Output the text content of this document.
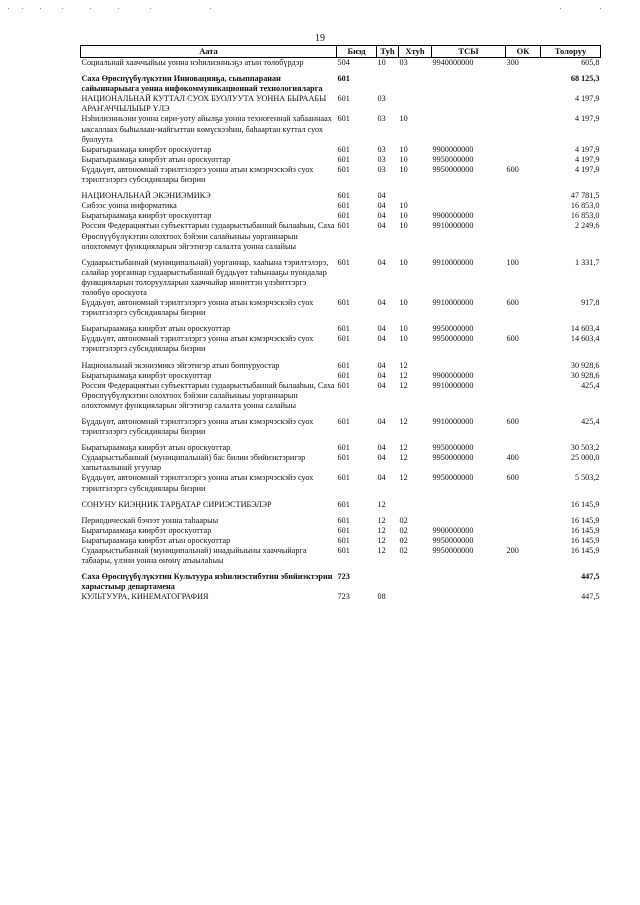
19
Аата	Биэд	Туh	Хтуh	ТСЫ	ОК	Толоруу
Социальнай хааччыйыы уонна нэһилиэнньэҕэ атын төлөбүрдэр	504	10	03	9940000000	300	605,8

Саха Өрөспүүбүлүкэтин Инновацияҕа, сыыппаранан сайыннарыыга уонна инфокоммуникационнай технологияларга	601					68 125,3
НАЦИОНАЛЬНАЙ КУТТАЛ СУОХ БУОЛУУТА УОННА БЫРААБЫ АРАҤАЧЧЫЛЫЫР ҮЛЭ	601	03				4 197,9
Нэһилиэнньэни уонна сири-уоту айылҕа уонна техногеннай хабааннаах ыксаллаах быһылаан-майгыттан көмүскээһин, баһаартан куттал суох буолуута	601	03	10			4 197,9
Бырагыраамаҕа киирбэт ороскуоттар	601	03	10	9900000000		4 197,9
Бырагыраамаҕа киирбэт атын ороскуоттар	601	03	10	9950000000		4 197,9
Бүддьүөт, автономнай тэрилтэлэргэ уонна атын кэмэрчэскэйэ суох тэрилтэлэргэ субсидиялары биэрии	601	03	10	9950000000	600	4 197,9

НАЦИОНАЛЬНАЙ ЭКЭНИЭМИКЭ	601	04				47 781,5
Сибээс уонна информатика	601	04	10			16 853,0
Бырагыраамаҕа киирбэт ороскуоттар	601	04	10	9900000000		16 853,0
Россия Федерациятын субъекттарын судаарыстыбаннай былааһын, Саха Өрөспүүбүлүкэтин олохтоох бэйэни салайыныы уорганнарын олохтоммут функцияларын эйгэтигэр салалта уонна салайыы	601	04	10	9910000000		2 249,6

Судаарыстыбаннай (муниципальнай) уорганнар, хааһына тэрилтэлэрэ, салайар уорганнар судаарыстыбаннай бүддьүөт таһынааҕы пуондалар функцияларын толоруулларын хааччыйар инниттэн үлэһиттэргэ төлөбүө ороскуота	601	04	10	9910000000	100	1 331,7
Бүддьүөт, автономнай тэрилтэлэргэ уонна атын кэмэрчэскэйэ суох тэрилтэлэргэ субсидиялары биэрии	601	04	10	9910000000	600	917,8

Бырагыраамаҕа киирбэт атын ороскуоттар	601	04	10	9950000000		14 603,4
Бүддьүөт, автономнай тэрилтэлэргэ уонна атын кэмэрчэскэйэ суох тэрилтэлэргэ субсидиялары биэрии	601	04	10	9950000000	600	14 603,4

Национальнай экэниэмикэ эйгэтигэр атын боппуруостар	601	04	12			30 928,6
Бырагыраамаҕа киирбэт ороскуоттар	601	04	12	9900000000		30 928,6
Россия Федерациятын субъекттарын судаарыстыбаннай былааһын, Саха Өрөспүүбүлүкэтин олохтоох бэйэни салайыныы уорганнарын олохтоммут функцияларын эйгэтигэр салалта уонна салайыы	601	04	12	9910000000		425,4

Бүддьүөт, автономнай тэрилтэлэргэ уонна атын кэмэрчэскэйэ суох тэрилтэлэргэ субсидиялары биэрии	601	04	12	9910000000	600	425,4

Бырагыраамаҕа киирбэт атын ороскуоттар	601	04	12	9950000000		30 503,2
Судаарыстыбаннай (муниципальнай) бас билии эбийиэктэригэр хапытаалынай угуулар	601	04	12	9950000000	400	25 000,0
Бүддьүөт, автономнай тэрилтэлэргэ уонна атын кэмэрчэскэйэ суох тэрилтэлэргэ субсидиялары биэрии	601	04	12	9950000000	600	5 503,2

СОНУНУ КИЭҢНИК ТАРҔАТАР СИРИЭСТИБЭЛЭР	601	12				16 145,9

Периодическай бэчээт уонна таһаарыы	601	12	02			16 145,9
Бырагыраамаҕа киирбэт ороскуоттар	601	12	02	9900000000		16 145,9
Бырагыраамаҕа киирбэт атын ороскуоттар	601	12	02	9950000000		16 145,9
Судаарыстыбаннай (муниципальнай) ннадыйыыны хааччыйарга табаары, үлэни уонна өҥөнү атыылаһыы	601	12	02	9950000000	200	16 145,9

Саха Өрөспүүбүлүкэтин Культуура нэһилиэстибэтин эбийиэктэрин харыстыыр департамена	723					447,5
КУЛЬТУУРА, КИНЕМАТОГРАФИЯ	723	08				447,5
